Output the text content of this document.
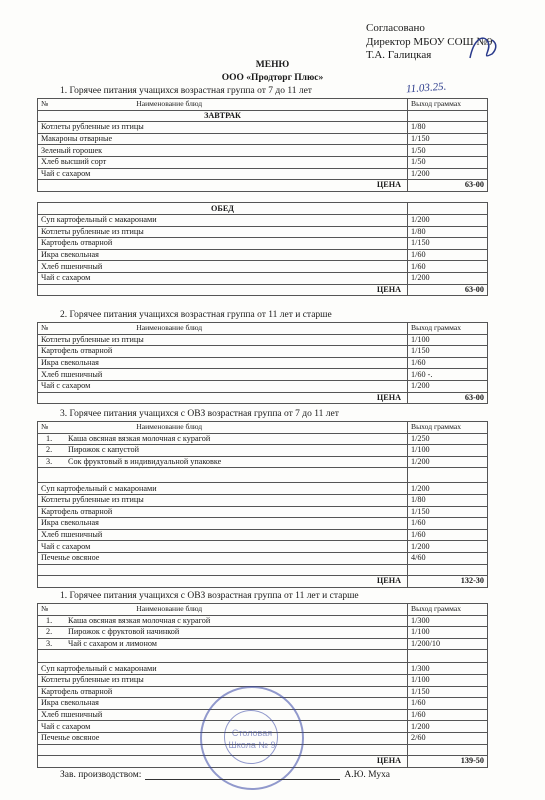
Согласовано
Директор МБОУ СОШ №9
Т.А. Галицкая
11.03.25.
МЕНЮ
ООО «Продторг Плюс»
1. Горячее питания учащихся возрастная группа от 7 до 11 лет
№ Наименование блюд	Выход граммах
ЗАВТРАК	
Котлеты рубленные из птицы	1/80
Макароны отварные	1/150
Зеленый горошек	1/50
Хлеб высший сорт	1/50
Чай с сахаром	1/200
ЦЕНА	63-00

ОБЕД	
Суп картофельный с макаронами	1/200
Котлеты рубленные из птицы	1/80
Картофель отварной	1/150
Икра свекольная	1/60
Хлеб пшеничный	1/60
Чай с сахаром	1/200
ЦЕНА	63-00
2. Горячее питания учащихся возрастная группа от 11 лет и старше
№ Наименование блюд	Выход граммах
Котлеты рубленные из птицы	1/100
Картофель отварной	1/150
Икра свекольная	1/60
Хлеб пшеничный	1/60 -.
Чай с сахаром	1/200
ЦЕНА	63-00
3. Горячее питания учащихся с ОВЗ возрастная группа от 7 до 11 лет
№ Наименование блюд	Выход граммах
1. Каша овсяная вязкая молочная с курагой	1/250
2. Пирожок с капустой	1/100
3. Сок фруктовый в индивидуальной упаковке	1/200

Суп картофельный с макаронами	1/200
Котлеты рубленные из птицы	1/80
Картофель отварной	1/150
Икра свекольная	1/60
Хлеб пшеничный	1/60
Чай с сахаром	1/200
Печенье овсяное	4/60

ЦЕНА	132-30
1. Горячее питания учащихся с ОВЗ возрастная группа от 11 лет и старше
№ Наименование блюд	Выход граммах
1. Каша овсяная вязкая молочная с курагой	1/300
2. Пирожок с фруктовой начинкой	1/100
3. Чай с сахаром и лимоном	1/200/10

Суп картофельный с макаронами	1/300
Котлеты рубленные из птицы	1/100
Картофель отварной	1/150
Икра свекольная	1/60
Хлеб пшеничный	1/60
Чай с сахаром	1/200
Печенье овсяное	2/60

ЦЕНА	139-50
Столовая
Школа № 9
Зав. производством:	А.Ю. Муха
